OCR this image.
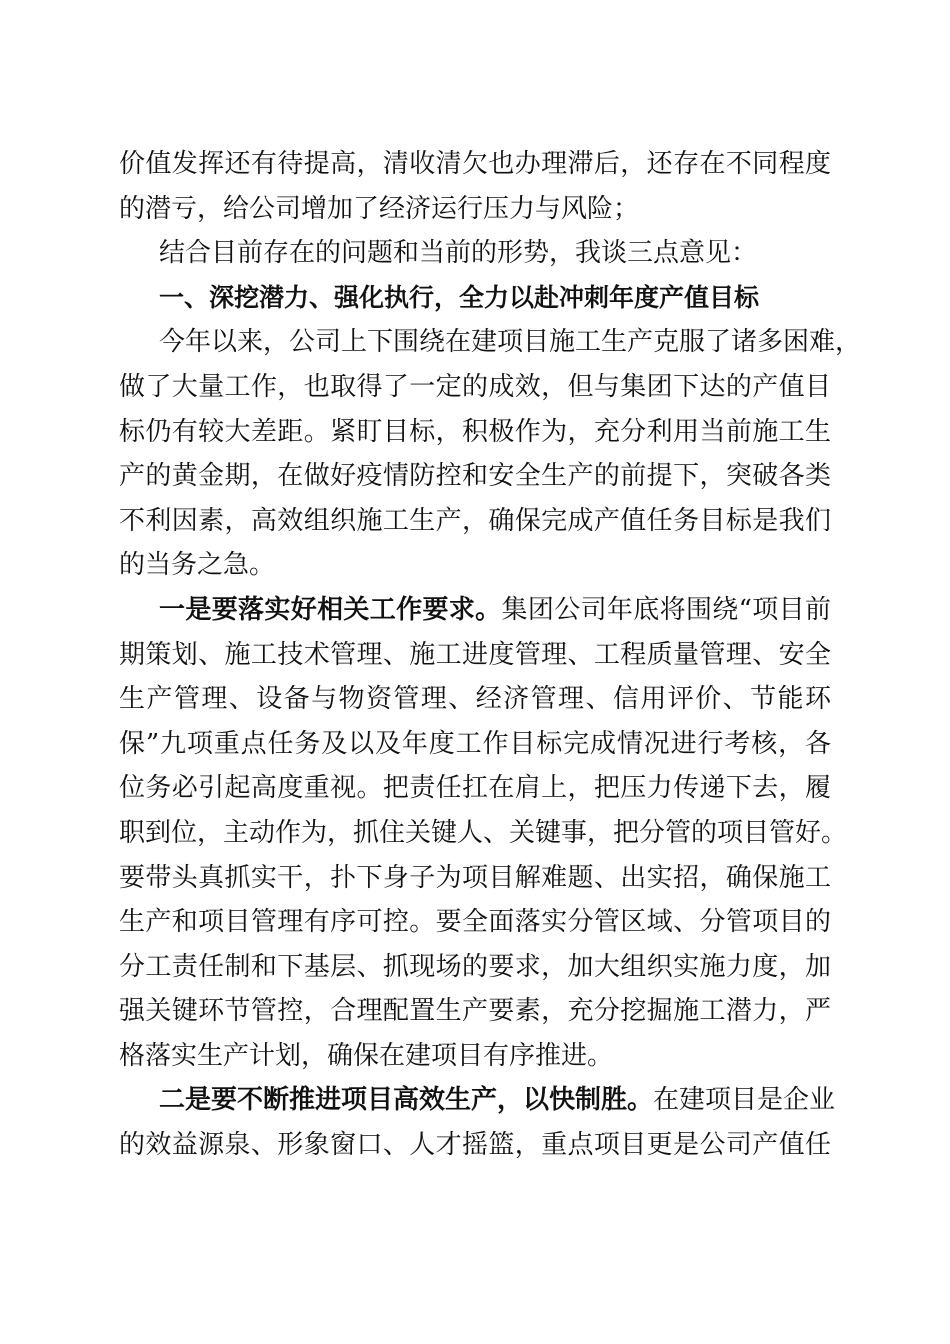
价值发挥还有待提高，清收清欠也办理滞后，还存在不同程度
的潜亏，给公司增加了经济运行压力与风险；
结合目前存在的问题和当前的形势，我谈三点意见：
一、深挖潜力、强化执行，全力以赴冲刺年度产值目标
今年以来，公司上下围绕在建项目施工生产克服了诸多困难，
做了大量工作，也取得了一定的成效，但与集团下达的产值目
标仍有较大差距。紧盯目标，积极作为，充分利用当前施工生
产的黄金期，在做好疫情防控和安全生产的前提下，突破各类
不利因素，高效组织施工生产，确保完成产值任务目标是我们
的当务之急。
一是要落实好相关工作要求。集团公司年底将围绕“项目前
期策划、施工技术管理、施工进度管理、工程质量管理、安全
生产管理、设备与物资管理、经济管理、信用评价、节能环
保”九项重点任务及以及年度工作目标完成情况进行考核，各
位务必引起高度重视。把责任扛在肩上，把压力传递下去，履
职到位，主动作为，抓住关键人、关键事，把分管的项目管好。
要带头真抓实干，扑下身子为项目解难题、出实招，确保施工
生产和项目管理有序可控。要全面落实分管区域、分管项目的
分工责任制和下基层、抓现场的要求，加大组织实施力度，加
强关键环节管控，合理配置生产要素，充分挖掘施工潜力，严
格落实生产计划，确保在建项目有序推进。
二是要不断推进项目高效生产，以快制胜。在建项目是企业
的效益源泉、形象窗口、人才摇篮，重点项目更是公司产值任
